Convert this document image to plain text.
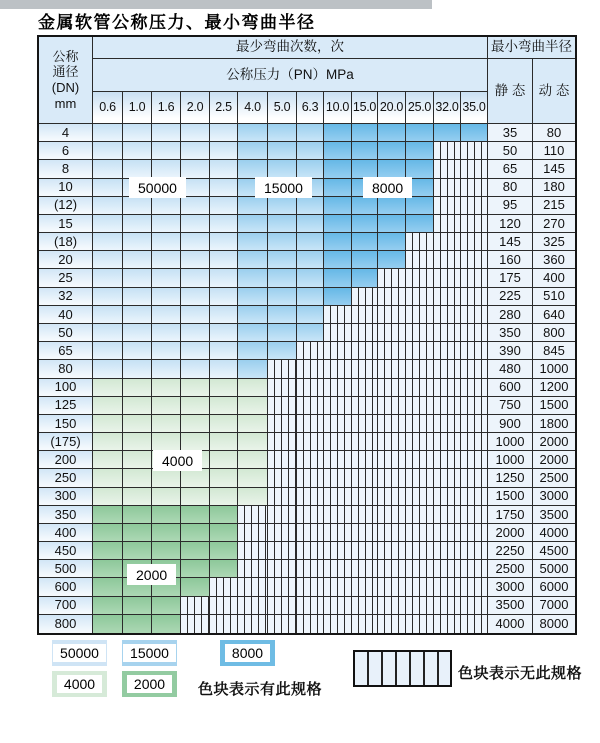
金属软管公称压力、最小弯曲半径
公称
通径
(DN)
mm
最少弯曲次数，次	最小弯曲半径
公称压力（PN）MPa
静 态 动 态
0.6	1.0	1.6	2.0 2.5	4.0	5.0 6.3 10.0 15.0 20.0 25.0 32.0 35.0
4	35	80
6	50	110
8	65	145
10	80	180
(12)	95	215
15	120	270
(18)	145	325
20	160	360
25	175	400
32	225	510
40	280	640
50	350	800
65	390	845
80	480	1000
100	600	1200
125	750	1500
150	900	1800
(175)	1000	2000
200	1000	2000
250	1250	2500
300	1500	3000
350	1750	3500
400	2000	4000
450	2250	4500
500	2500	5000
600	3000	6000
700	3500	7000
800	4000	8000
50000	15000	8000
4000	2000	色块表示有此规格
色块表示无此规格
50000	15000	8000
4000
2000
